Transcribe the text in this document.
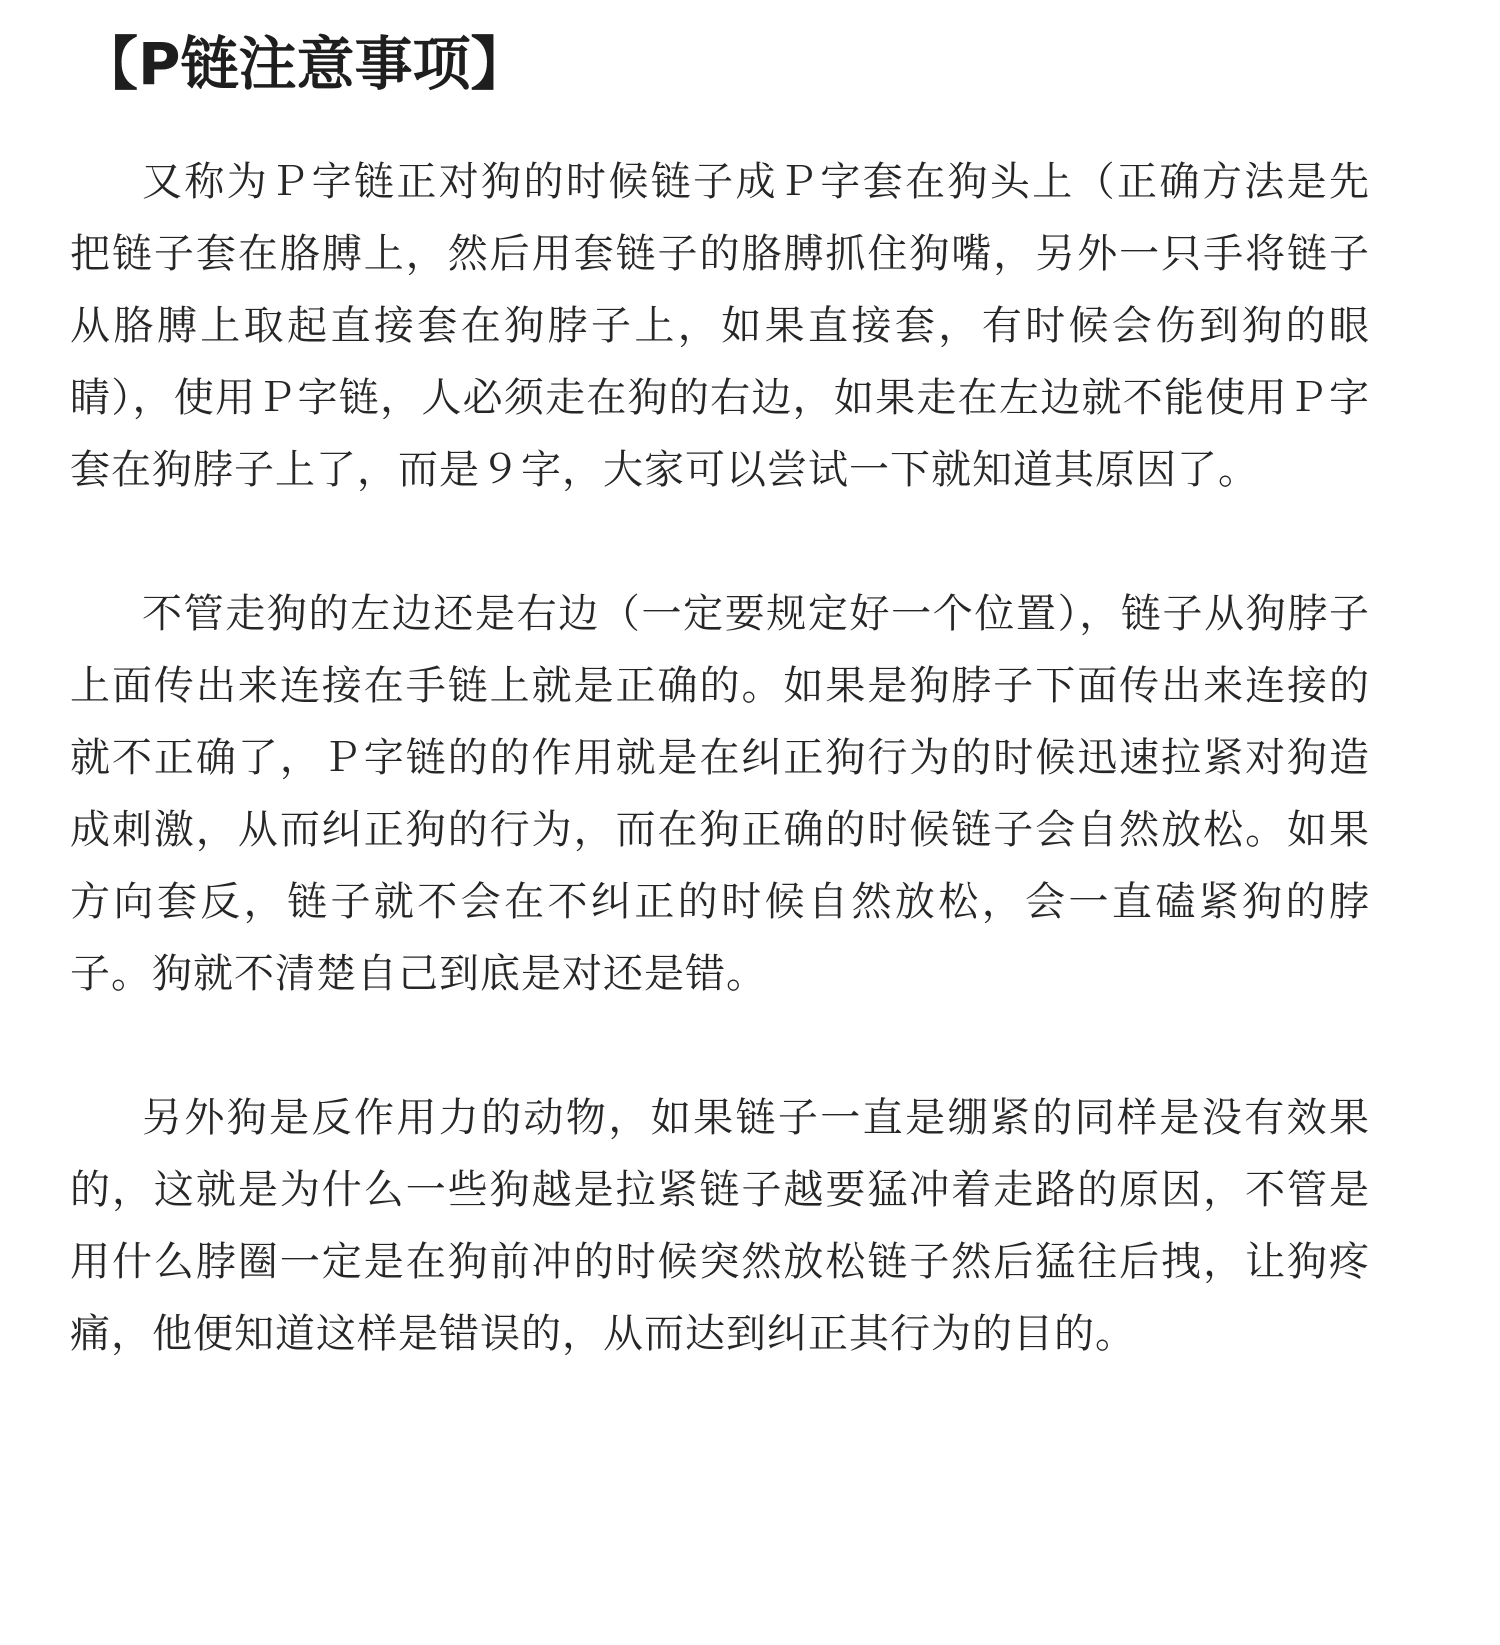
【P链注意事项】

又称为Ｐ字链正对狗的时候链子成Ｐ字套在狗头上（正确方法是先把链子套在胳膊上，然后用套链子的胳膊抓住狗嘴，另外一只手将链子从胳膊上取起直接套在狗脖子上，如果直接套，有时候会伤到狗的眼睛），使用Ｐ字链，人必须走在狗的右边，如果走在左边就不能使用Ｐ字套在狗脖子上了，而是９字，大家可以尝试一下就知道其原因了。

不管走狗的左边还是右边（一定要规定好一个位置），链子从狗脖子上面传出来连接在手链上就是正确的。如果是狗脖子下面传出来连接的就不正确了，Ｐ字链的的作用就是在纠正狗行为的时候迅速拉紧对狗造成刺激，从而纠正狗的行为，而在狗正确的时候链子会自然放松。如果方向套反，链子就不会在不纠正的时候自然放松，会一直磕紧狗的脖子。狗就不清楚自己到底是对还是错。

另外狗是反作用力的动物，如果链子一直是绷紧的同样是没有效果的，这就是为什么一些狗越是拉紧链子越要猛冲着走路的原因，不管是用什么脖圈一定是在狗前冲的时候突然放松链子然后猛往后拽，让狗疼痛，他便知道这样是错误的，从而达到纠正其行为的目的。
